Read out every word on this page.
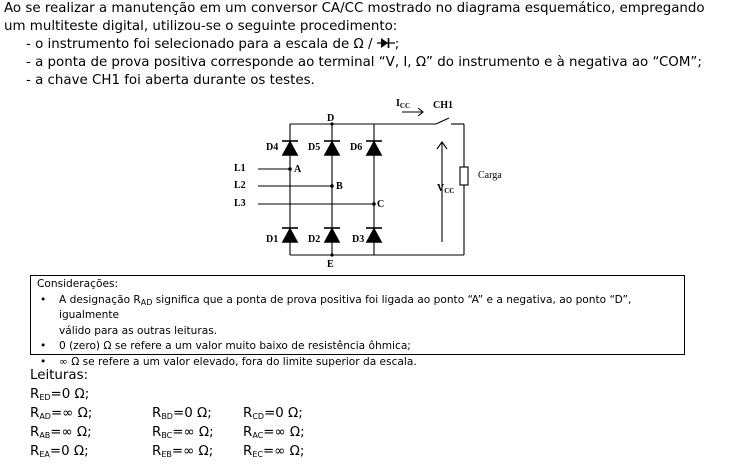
Ao se realizar a manutenção em um conversor CA/CC mostrado no diagrama esquemático, empregando um multiteste digital, utilizou-se o seguinte procedimento:

- o instrumento foi selecionado para a escala de Ω / ;

- a ponta de prova positiva corresponde ao terminal “V, I, Ω” do instrumento e à negativa ao “COM”;

- a chave CH1 foi aberta durante os testes.

$I_{CC}$ CH1
D
E
D4	D5	D6
D1	D2	D3
L1
L2
L3
A
B
C
$V_{CC}$
Carga
Considerações:
• A designação $R_{AD}$ significa que a ponta de prova positiva foi ligada ao ponto “A” e a negativa, ao ponto “D”, igualmente
válido para as outras leituras.
• 0 (zero) Ω se refere a um valor muito baixo de resistência ôhmica;
• ∞ Ω se refere a um valor elevado, fora do limite superior da escala.
Leituras:
$R_{ED}=0$ Ω;
$R_{AD}=\infty$ Ω;	$R_{BD}=0$ Ω; $R_{CD}=0$ Ω;
$R_{AB}=\infty$ Ω;	$R_{BC}=\infty$ Ω; $R_{AC}=\infty$ Ω;
$R_{EA}=0$ Ω;	$R_{EB}=\infty$ Ω; $R_{EC}=\infty$ Ω;
